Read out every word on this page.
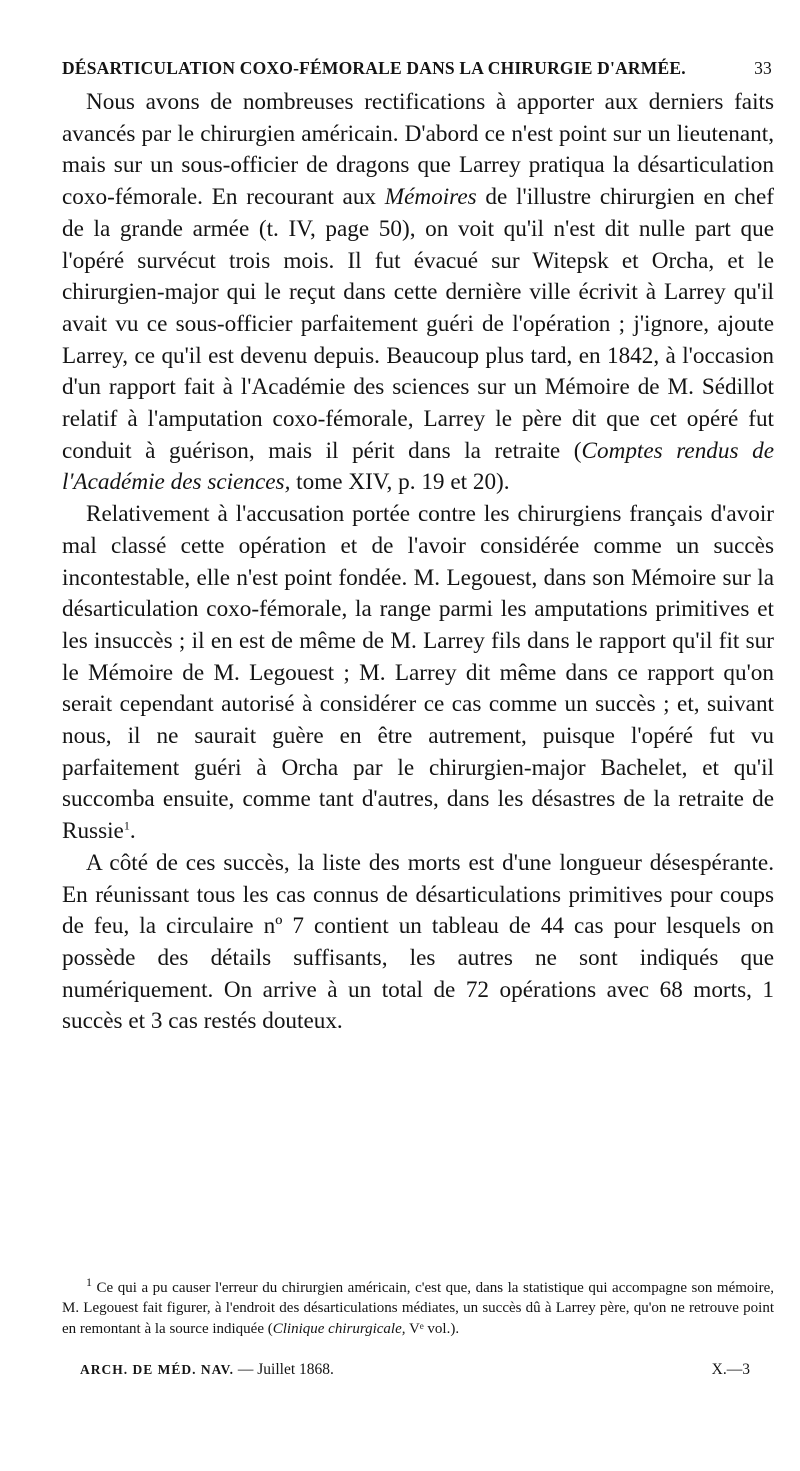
DÉSARTICULATION COXO-FÉMORALE DANS LA CHIRURGIE D'ARMÉE.	33

Nous avons de nombreuses rectifications à apporter aux derniers faits avancés par le chirurgien américain. D'abord ce n'est point sur un lieutenant, mais sur un sous-officier de dragons que Larrey pratiqua la désarticulation coxo-fémorale. En recourant aux Mémoires de l'illustre chirurgien en chef de la grande armée (t. IV, page 50), on voit qu'il n'est dit nulle part que l'opéré survécut trois mois. Il fut évacué sur Witepsk et Orcha, et le chirurgien-major qui le reçut dans cette dernière ville écrivit à Larrey qu'il avait vu ce sous-officier parfaitement guéri de l'opération ; j'ignore, ajoute Larrey, ce qu'il est devenu depuis. Beaucoup plus tard, en 1842, à l'occasion d'un rapport fait à l'Académie des sciences sur un Mémoire de M. Sédillot relatif à l'amputation coxo-fémorale, Larrey le père dit que cet opéré fut conduit à guérison, mais il périt dans la retraite (Comptes rendus de l'Académie des sciences, tome XIV, p. 19 et 20).

Relativement à l'accusation portée contre les chirurgiens français d'avoir mal classé cette opération et de l'avoir considérée comme un succès incontestable, elle n'est point fondée. M. Legouest, dans son Mémoire sur la désarticulation coxo-fémorale, la range parmi les amputations primitives et les insuccès ; il en est de même de M. Larrey fils dans le rapport qu'il fit sur le Mémoire de M. Legouest ; M. Larrey dit même dans ce rapport qu'on serait cependant autorisé à considérer ce cas comme un succès ; et, suivant nous, il ne saurait guère en être autrement, puisque l'opéré fut vu parfaitement guéri à Orcha par le chirurgien-major Bachelet, et qu'il succomba ensuite, comme tant d'autres, dans les désastres de la retraite de Russie$^1$.

A côté de ces succès, la liste des morts est d'une longueur désespérante. En réunissant tous les cas connus de désarticulations primitives pour coups de feu, la circulaire nº 7 contient un tableau de 44 cas pour lesquels on possède des détails suffisants, les autres ne sont indiqués que numériquement. On arrive à un total de 72 opérations avec 68 morts, 1 succès et 3 cas restés douteux.

$^1$ Ce qui a pu causer l'erreur du chirurgien américain, c'est que, dans la statistique qui accompagne son mémoire, M. Legouest fait figurer, à l'endroit des désarticulations médiates, un succès dû à Larrey père, qu'on ne retrouve point en remontant à la source indiquée (Clinique chirurgicale, Vᵉ vol.).

ARCH. DE MÉD. NAV. — Juillet 1868.	X.—3
